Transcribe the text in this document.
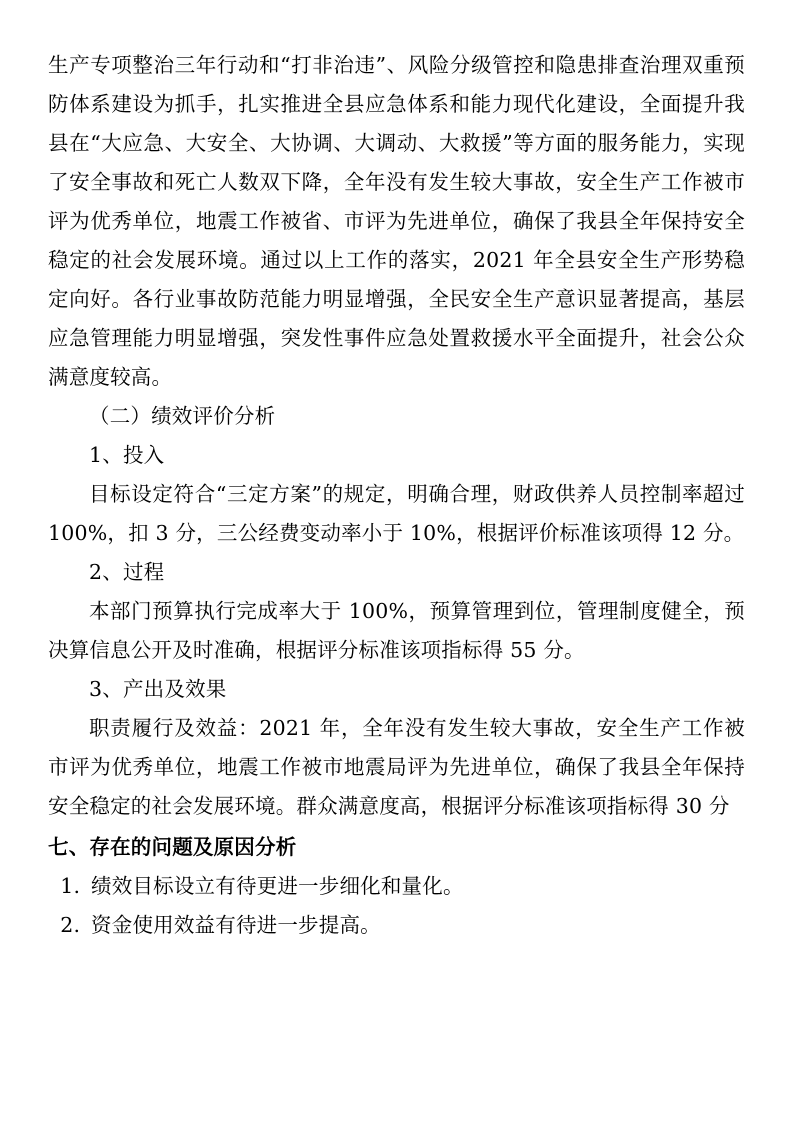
生产专项整治三年行动和“打非治违”、风险分级管控和隐患排查治理双重预防体系建设为抓手，扎实推进全县应急体系和能力现代化建设，全面提升我县在“大应急、大安全、大协调、大调动、大救援”等方面的服务能力，实现了安全事故和死亡人数双下降，全年没有发生较大事故，安全生产工作被市评为优秀单位，地震工作被省、市评为先进单位，确保了我县全年保持安全稳定的社会发展环境。通过以上工作的落实，2021 年全县安全生产形势稳定向好。各行业事故防范能力明显增强，全民安全生产意识显著提高，基层应急管理能力明显增强，突发性事件应急处置救援水平全面提升，社会公众满意度较高。

（二）绩效评价分析

1、投入

目标设定符合“三定方案”的规定，明确合理，财政供养人员控制率超过 100%，扣 3 分，三公经费变动率小于 10%，根据评价标准该项得 12 分。

2、过程

本部门预算执行完成率大于 100%，预算管理到位，管理制度健全，预决算信息公开及时准确，根据评分标准该项指标得 55 分。

3、产出及效果

职责履行及效益：2021 年，全年没有发生较大事故，安全生产工作被市评为优秀单位，地震工作被市地震局评为先进单位，确保了我县全年保持安全稳定的社会发展环境。群众满意度高，根据评分标准该项指标得 30 分

七、存在的问题及原因分析

1. 绩效目标设立有待更进一步细化和量化。

2. 资金使用效益有待进一步提高。
